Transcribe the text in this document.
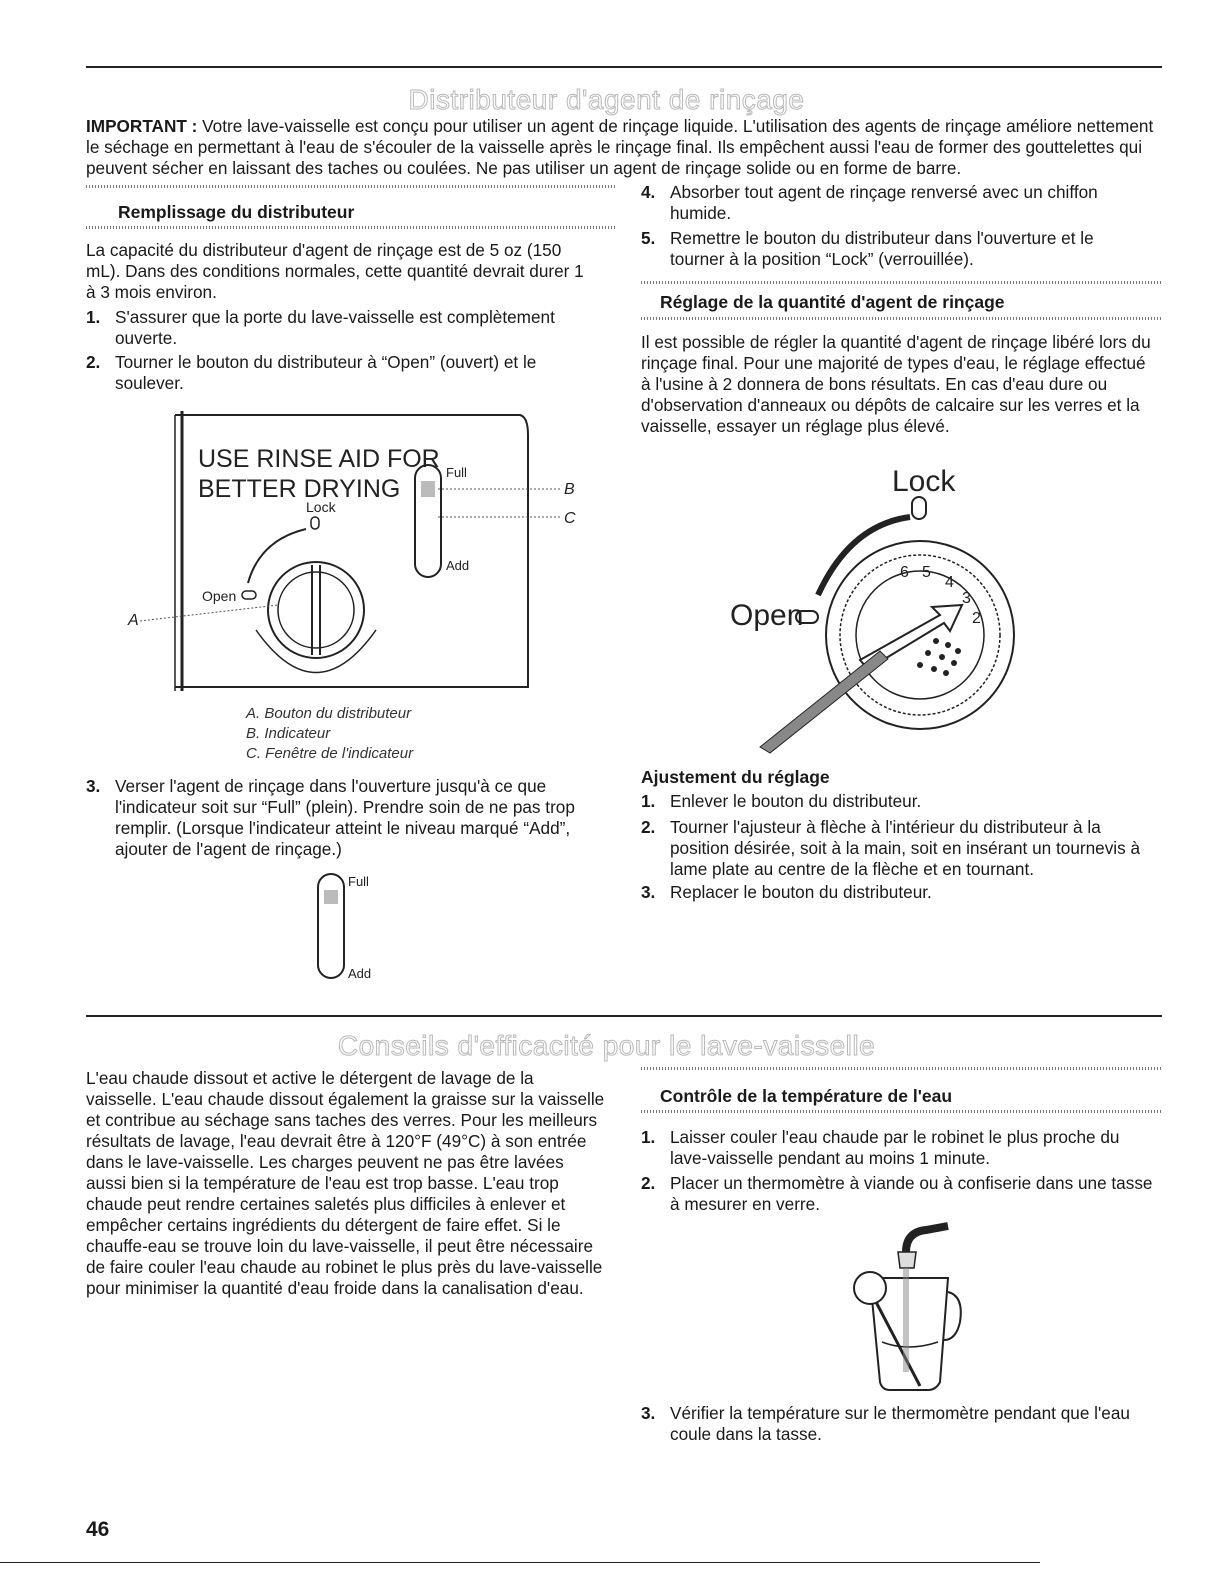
Distributeur d'agent de rinçage
IMPORTANT : Votre lave-vaisselle est conçu pour utiliser un agent de rinçage liquide. L'utilisation des agents de rinçage améliore nettement le séchage en permettant à l'eau de s'écouler de la vaisselle après le rinçage final. Ils empêchent aussi l'eau de former des gouttelettes qui peuvent sécher en laissant des taches ou coulées. Ne pas utiliser un agent de rinçage solide ou en forme de barre.
Remplissage du distributeur
La capacité du distributeur d'agent de rinçage est de 5 oz (150 mL). Dans des conditions normales, cette quantité devrait durer 1 à 3 mois environ.
1. S'assurer que la porte du lave-vaisselle est complètement ouverte.
2. Tourner le bouton du distributeur à “Open” (ouvert) et le soulever.
USE RINSE AID FOR
BETTER DRYING
Lock
Open
A
Full
Add
B
C
A. Bouton du distributeur
B. Indicateur
C. Fenêtre de l'indicateur
3. Verser l'agent de rinçage dans l'ouverture jusqu'à ce que l'indicateur soit sur “Full” (plein). Prendre soin de ne pas trop remplir. (Lorsque l'indicateur atteint le niveau marqué “Add”, ajouter de l'agent de rinçage.)
Full
Add
4. Absorber tout agent de rinçage renversé avec un chiffon humide.
5. Remettre le bouton du distributeur dans l'ouverture et le tourner à la position “Lock” (verrouillée).
Réglage de la quantité d'agent de rinçage
Il est possible de régler la quantité d'agent de rinçage libéré lors du rinçage final. Pour une majorité de types d'eau, le réglage effectué à l'usine à 2 donnera de bons résultats. En cas d'eau dure ou d'observation d'anneaux ou dépôts de calcaire sur les verres et la vaisselle, essayer un réglage plus élevé.
Lock
Open
6 5
4
3
2
Ajustement du réglage
1. Enlever le bouton du distributeur.
2. Tourner l'ajusteur à flèche à l'intérieur du distributeur à la position désirée, soit à la main, soit en insérant un tournevis à lame plate au centre de la flèche et en tournant.
3. Replacer le bouton du distributeur.
Conseils d'efficacité pour le lave-vaisselle
L'eau chaude dissout et active le détergent de lavage de la vaisselle. L'eau chaude dissout également la graisse sur la vaisselle et contribue au séchage sans taches des verres. Pour les meilleurs résultats de lavage, l'eau devrait être à 120°F (49°C) à son entrée dans le lave-vaisselle. Les charges peuvent ne pas être lavées aussi bien si la température de l'eau est trop basse. L'eau trop chaude peut rendre certaines saletés plus difficiles à enlever et empêcher certains ingrédients du détergent de faire effet. Si le chauffe-eau se trouve loin du lave-vaisselle, il peut être nécessaire de faire couler l'eau chaude au robinet le plus près du lave-vaisselle pour minimiser la quantité d'eau froide dans la canalisation d'eau.
Contrôle de la température de l'eau
1. Laisser couler l'eau chaude par le robinet le plus proche du lave-vaisselle pendant au moins 1 minute.
2. Placer un thermomètre à viande ou à confiserie dans une tasse à mesurer en verre.
3. Vérifier la température sur le thermomètre pendant que l'eau coule dans la tasse.
46
